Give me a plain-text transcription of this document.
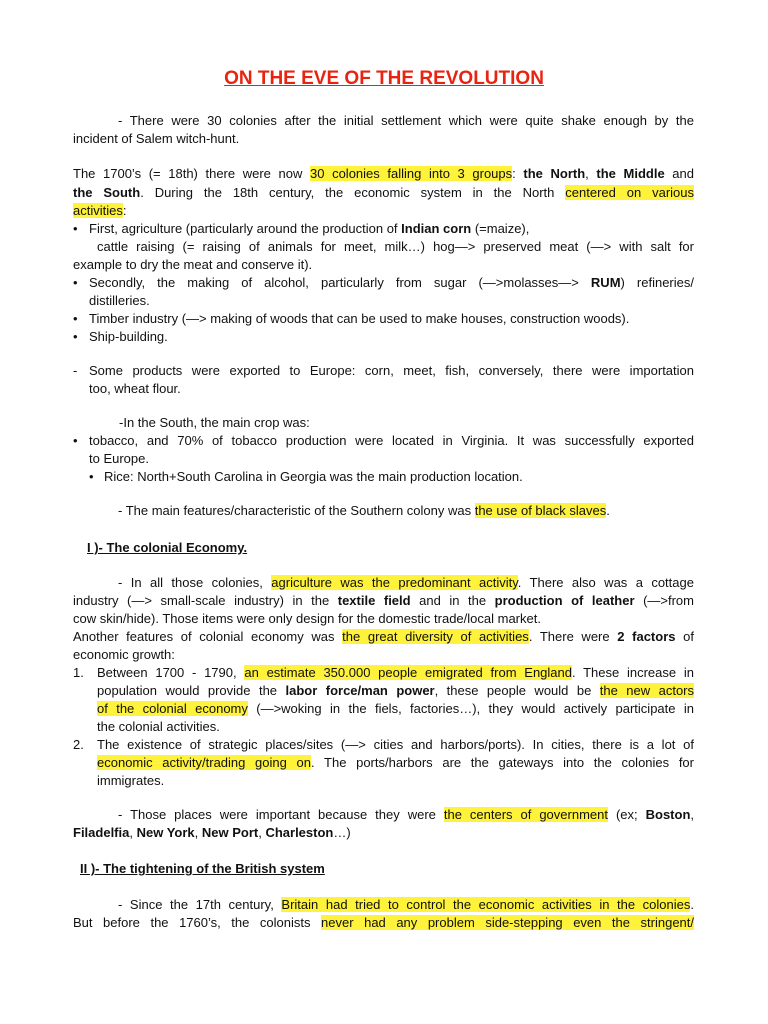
ON THE EVE OF THE REVOLUTION
- There were 30 colonies after the initial settlement which were quite shake enough by the
incident of Salem witch-hunt.
The 1700’s (= 18th) there were now 30 colonies falling into 3 groups: the North, the Middle and
the South. During the 18th century, the economic system in the North centered on various
activities:
• First, agriculture (particularly around the production of Indian corn (=maize),
cattle raising (= raising of animals for meet, milk…) hog—> preserved meat (—> with salt for
example to dry the meat and conserve it).
• Secondly, the making of alcohol, particularly from sugar (—>molasses—> RUM) refineries/
distilleries.
• Timber industry (—> making of woods that can be used to make houses, construction woods).
• Ship-building.
- Some products were exported to Europe: corn, meet, fish, conversely, there were importation
too, wheat flour.
-In the South, the main crop was:
• tobacco, and 70% of tobacco production were located in Virginia. It was successfully exported
to Europe.
• Rice: North+South Carolina in Georgia was the main production location.
- The main features/characteristic of the Southern colony was the use of black slaves.
I )- The colonial Economy.
- In all those colonies, agriculture was the predominant activity. There also was a cottage
industry (—> small-scale industry) in the textile field and in the production of leather (—>from
cow skin/hide). Those items were only design for the domestic trade/local market.
Another features of colonial economy was the great diversity of activities. There were 2 factors of
economic growth:
1. Between 1700 - 1790, an estimate 350.000 people emigrated from England. These increase in
population would provide the labor force/man power, these people would be the new actors
of the colonial economy (—>woking in the fiels, factories…), they would actively participate in
the colonial activities.
2. The existence of strategic places/sites (—> cities and harbors/ports). In cities, there is a lot of
economic activity/trading going on. The ports/harbors are the gateways into the colonies for
immigrates.
- Those places were important because they were the centers of government (ex; Boston,
Filadelfia, New York, New Port, Charleston…)
II )- The tightening of the British system
- Since the 17th century, Britain had tried to control the economic activities in the colonies.
But before the 1760’s, the colonists never had any problem side-stepping even the stringent/
